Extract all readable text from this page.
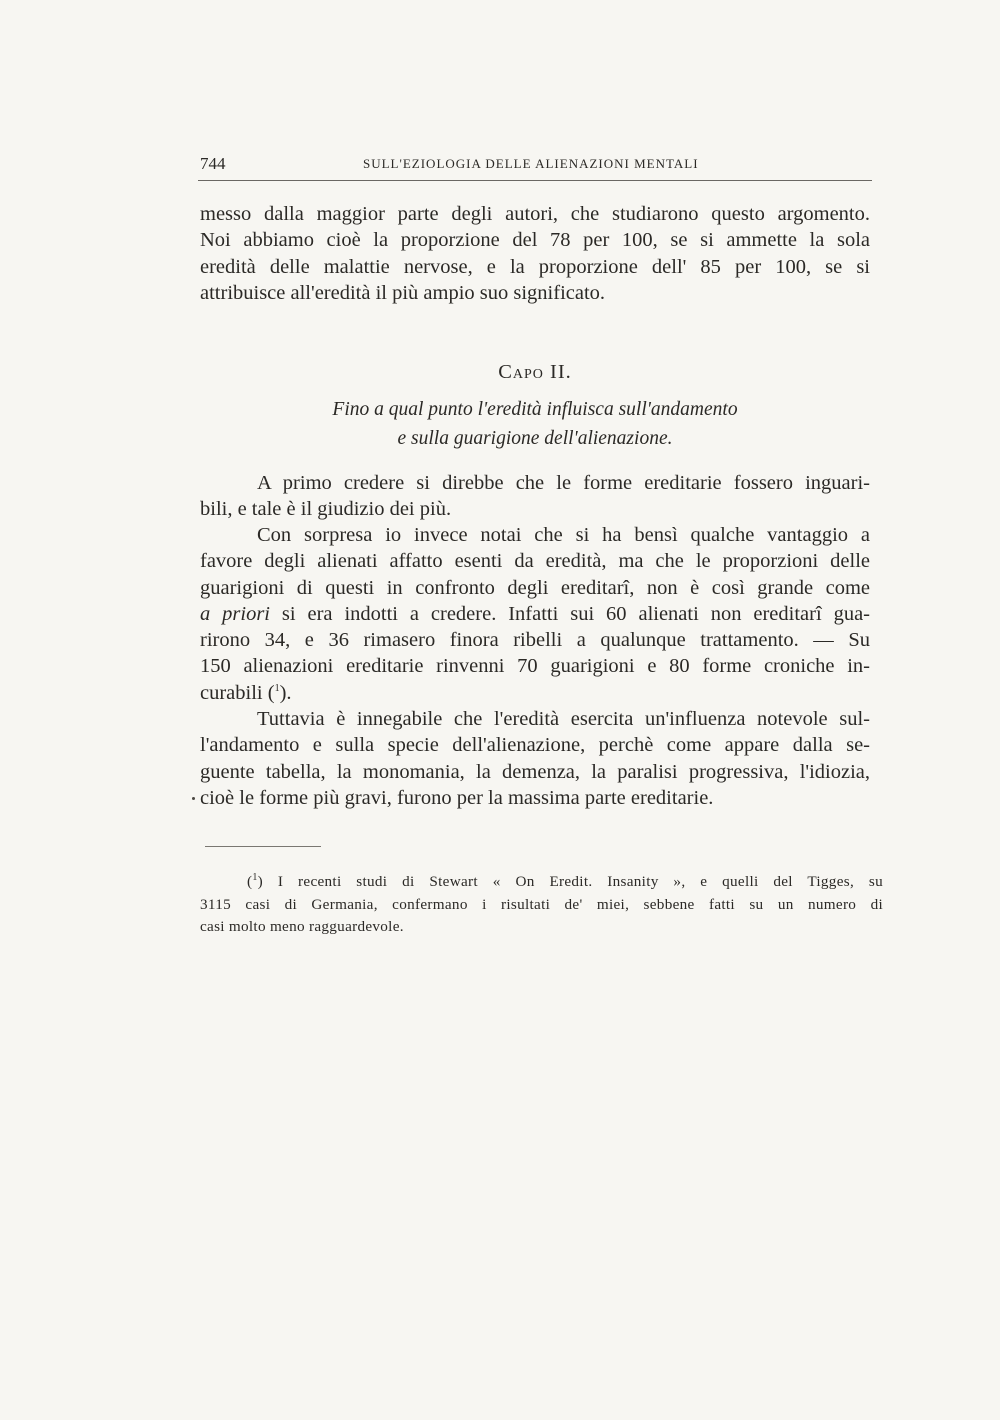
744	SULL'EZIOLOGIA DELLE ALIENAZIONI MENTALI
messo dalla maggior parte degli autori, che studiarono questo argomento.
Noi abbiamo cioè la proporzione del 78 per 100, se si ammette la sola
eredità delle malattie nervose, e la proporzione dell' 85 per 100, se si
attribuisce all'eredità il più ampio suo significato.
Capo II.
Fino a qual punto l'eredità influisca sull'andamento
e sulla guarigione dell'alienazione.
A primo credere si direbbe che le forme ereditarie fossero inguari-
bili, e tale è il giudizio dei più.
Con sorpresa io invece notai che si ha bensì qualche vantaggio a
favore degli alienati affatto esenti da eredità, ma che le proporzioni delle
guarigioni di questi in confronto degli ereditarî, non è così grande come
a priori si era indotti a credere. Infatti sui 60 alienati non ereditarî gua-
rirono 34, e 36 rimasero finora ribelli a qualunque trattamento. — Su
150 alienazioni ereditarie rinvenni 70 guarigioni e 80 forme croniche in-
curabili ($^1$).
Tuttavia è innegabile che l'eredità esercita un'influenza notevole sul-
l'andamento e sulla specie dell'alienazione, perchè come appare dalla se-
guente tabella, la monomania, la demenza, la paralisi progressiva, l'idiozia,
cioè le forme più gravi, furono per la massima parte ereditarie.
($^1$) I recenti studi di Stewart « On Eredit. Insanity », e quelli del Tigges, su
3115 casi di Germania, confermano i risultati de' miei, sebbene fatti su un numero di
casi molto meno ragguardevole.
